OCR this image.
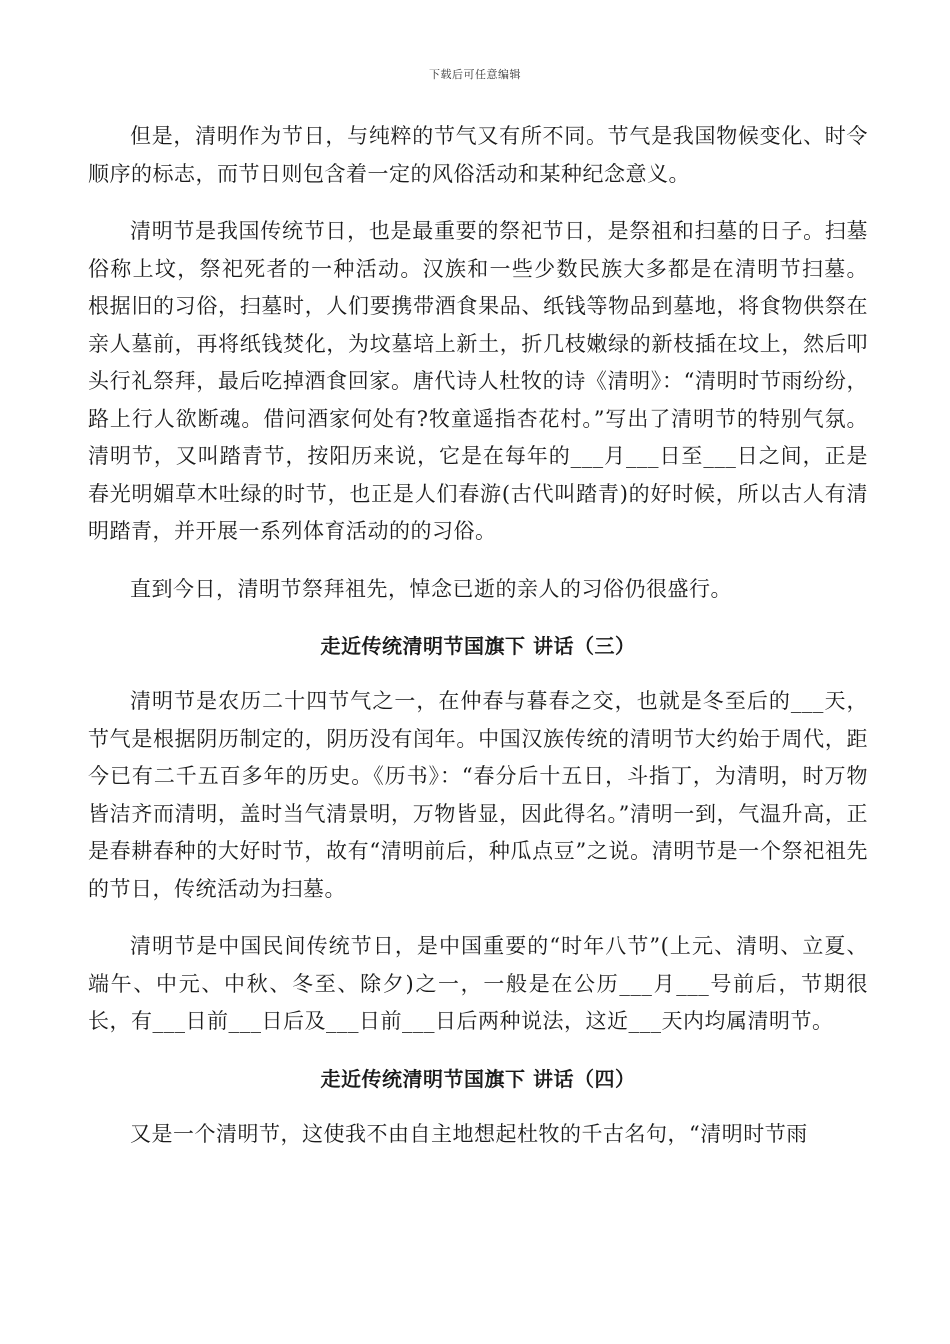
下载后可任意编辑

但是，清明作为节日，与纯粹的节气又有所不同。节气是我国物候变化、时令顺序的标志，而节日则包含着一定的风俗活动和某种纪念意义。

清明节是我国传统节日，也是最重要的祭祀节日，是祭祖和扫墓的日子。扫墓俗称上坟，祭祀死者的一种活动。汉族和一些少数民族大多都是在清明节扫墓。 根据旧的习俗，扫墓时，人们要携带酒食果品、纸钱等物品到墓地，将食物供祭在亲人墓前，再将纸钱焚化，为坟墓培上新土，折几枝嫩绿的新枝插在坟上，然后叩头行礼祭拜，最后吃掉酒食回家。唐代诗人杜牧的诗《清明》：“清明时节雨纷纷，路上行人欲断魂。借问酒家何处有?牧童遥指杏花村。”写出了清明节的特别气氛。 清明节，又叫踏青节，按阳历来说，它是在每年的___月___日至___日之间，正是春光明媚草木吐绿的时节，也正是人们春游(古代叫踏青)的好时候，所以古人有清明踏青，并开展一系列体育活动的的习俗。

直到今日，清明节祭拜祖先，悼念已逝的亲人的习俗仍很盛行。

走近传统清明节国旗下 讲话（三）

清明节是农历二十四节气之一，在仲春与暮春之交，也就是冬至后的___天，节气是根据阴历制定的，阴历没有闰年。中国汉族传统的清明节大约始于周代，距今已有二千五百多年的历史。《历书》：“春分后十五日，斗指丁，为清明，时万物皆洁齐而清明，盖时当气清景明，万物皆显，因此得名。”清明一到，气温升高，正是春耕春种的大好时节，故有“清明前后，种瓜点豆”之说。清明节是一个祭祀祖先的节日，传统活动为扫墓。

清明节是中国民间传统节日，是中国重要的“时年八节”(上元、清明、立夏、端午、中元、中秋、冬至、除夕)之一，一般是在公历___月___号前后，节期很长，有___日前___日后及___日前___日后两种说法，这近___天内均属清明节。

走近传统清明节国旗下 讲话（四）

又是一个清明节，这使我不由自主地想起杜牧的千古名句，“清明时节雨
